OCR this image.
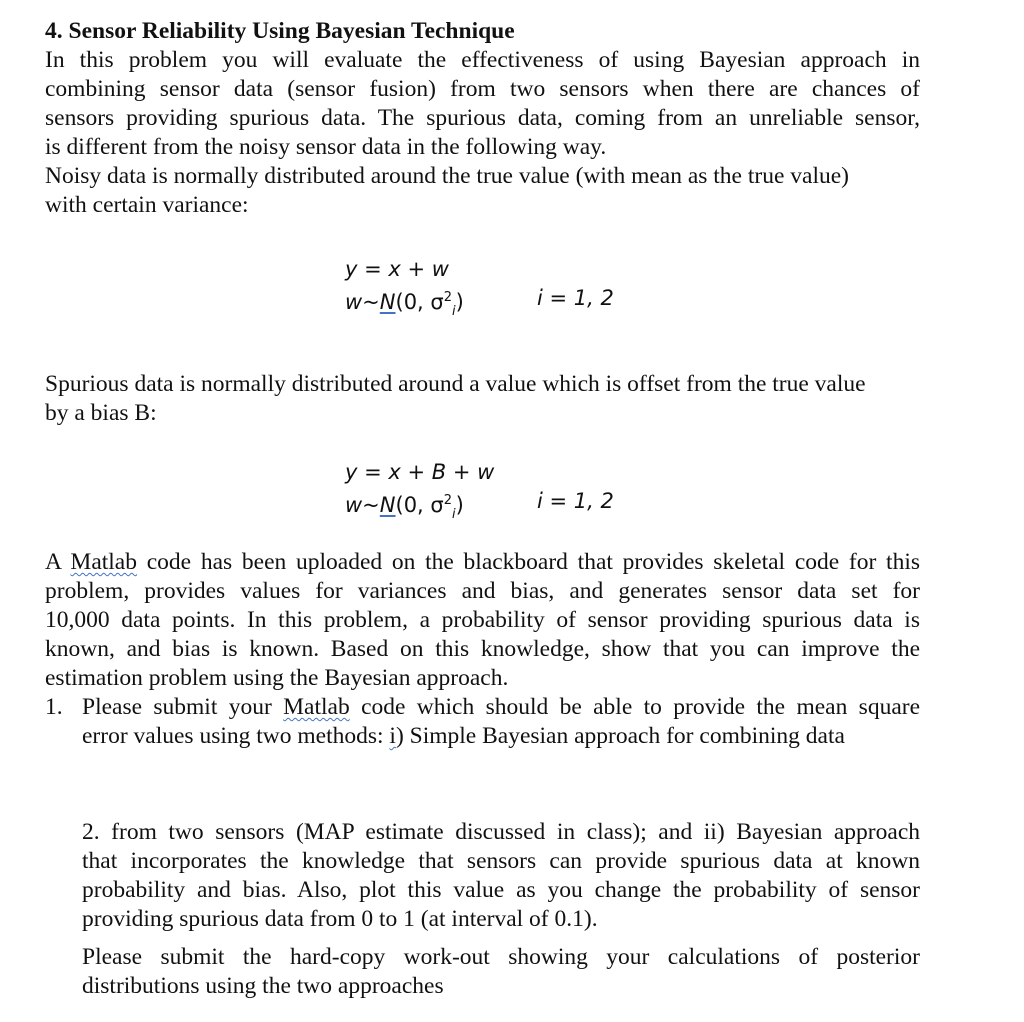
4. Sensor Reliability Using Bayesian Technique
In this problem you will evaluate the effectiveness of using Bayesian approach in
combining sensor data (sensor fusion) from two sensors when there are chances of
sensors providing spurious data. The spurious data, coming from an unreliable sensor,
is different from the noisy sensor data in the following way.
Noisy data is normally distributed around the true value (with mean as the true value)
with certain variance:
y = x + w
w~N(0, $\sigma^2_i$)	i = 1, 2
Spurious data is normally distributed around a value which is offset from the true value
by a bias B:
y = x + B + w
w~N(0, $\sigma^2_i$)	i = 1, 2
A Matlab code has been uploaded on the blackboard that provides skeletal code for this
problem, provides values for variances and bias, and generates sensor data set for
10,000 data points. In this problem, a probability of sensor providing spurious data is
known, and bias is known. Based on this knowledge, show that you can improve the
estimation problem using the Bayesian approach.
1. Please submit your Matlab code which should be able to provide the mean square
error values using two methods: i) Simple Bayesian approach for combining data
2. from two sensors (MAP estimate discussed in class); and ii) Bayesian approach
that incorporates the knowledge that sensors can provide spurious data at known
probability and bias. Also, plot this value as you change the probability of sensor
providing spurious data from 0 to 1 (at interval of 0.1).
Please submit the hard-copy work-out showing your calculations of posterior
distributions using the two approaches
